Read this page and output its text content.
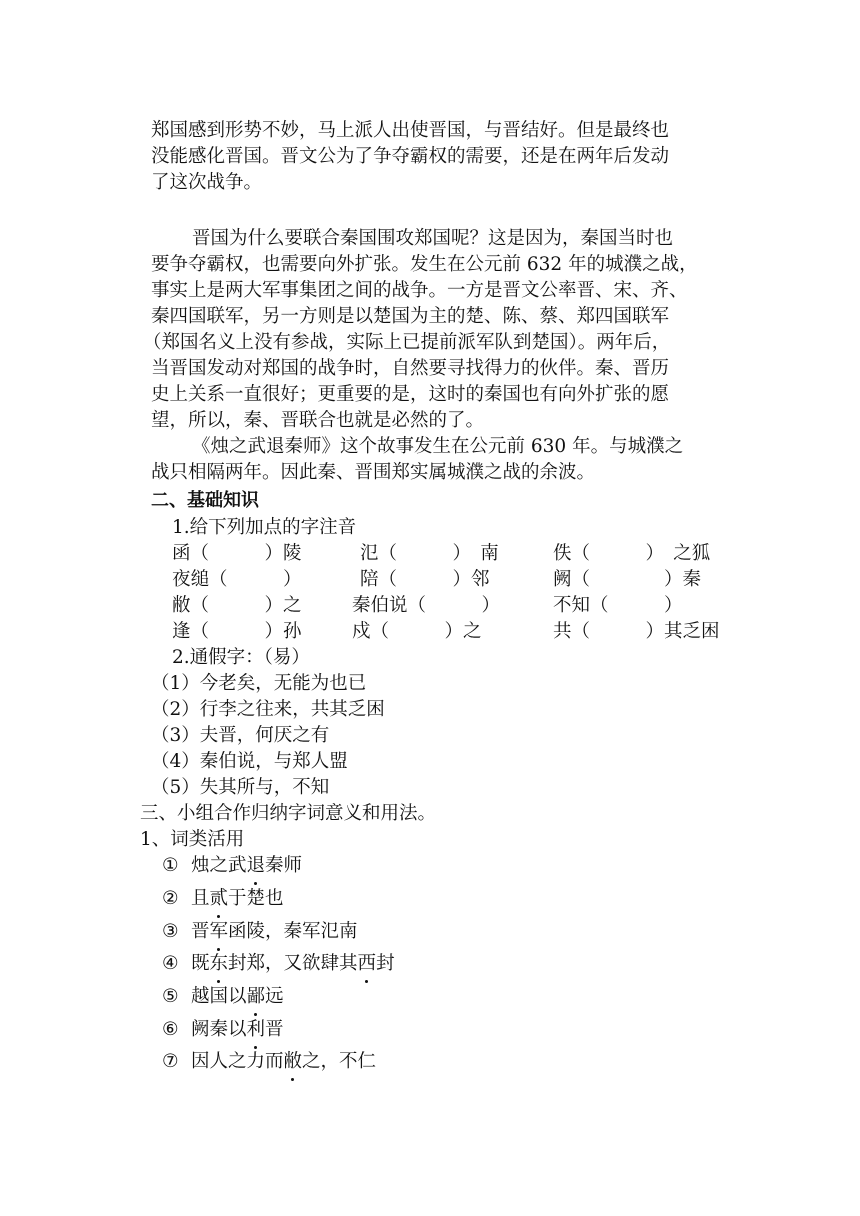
郑国感到形势不妙，马上派人出使晋国，与晋结好。但是最终也
没能感化晋国。晋文公为了争夺霸权的需要，还是在两年后发动
了这次战争。
晋国为什么要联合秦国围攻郑国呢？这是因为，秦国当时也
要争夺霸权，也需要向外扩张。发生在公元前 632 年的城濮之战，
事实上是两大军事集团之间的战争。一方是晋文公率晋、宋、齐、
秦四国联军，另一方则是以楚国为主的楚、陈、蔡、郑四国联军
（郑国名义上没有参战，实际上已提前派军队到楚国）。两年后，
当晋国发动对郑国的战争时，自然要寻找得力的伙伴。秦、晋历
史上关系一直很好；更重要的是，这时的秦国也有向外扩张的愿
望，所以，秦、晋联合也就是必然的了。
《烛之武退秦师》这个故事发生在公元前 630 年。与城濮之
战只相隔两年。因此秦、晋围郑实属城濮之战的余波。
二、基础知识
1.给下列加点的字注音
函（　　　）陵	氾（　　　）　南	佚（　　　）　之狐
夜缒（　　　）	陪（　　　）邻	阙（　　　　）秦
敝（　　　）之	秦伯说（　　　）	不知（　　　）
逢（　　　）孙	戍（　　　）之	共（　　　）其乏困
2.通假字：（易）
（1）今老矣，无能为也已
（2）行李之往来，共其乏困
（3）夫晋，何厌之有
（4）秦伯说，与郑人盟
（5）失其所与，不知
三、小组合作归纳字词意义和用法。
1、词类活用
① 烛之武退秦师
② 且贰于楚也
③ 晋军函陵，秦军氾南
④ 既东封郑，又欲肆其西封
⑤ 越国以鄙远
⑥ 阙秦以利晋
⑦ 因人之力而敝之，不仁
